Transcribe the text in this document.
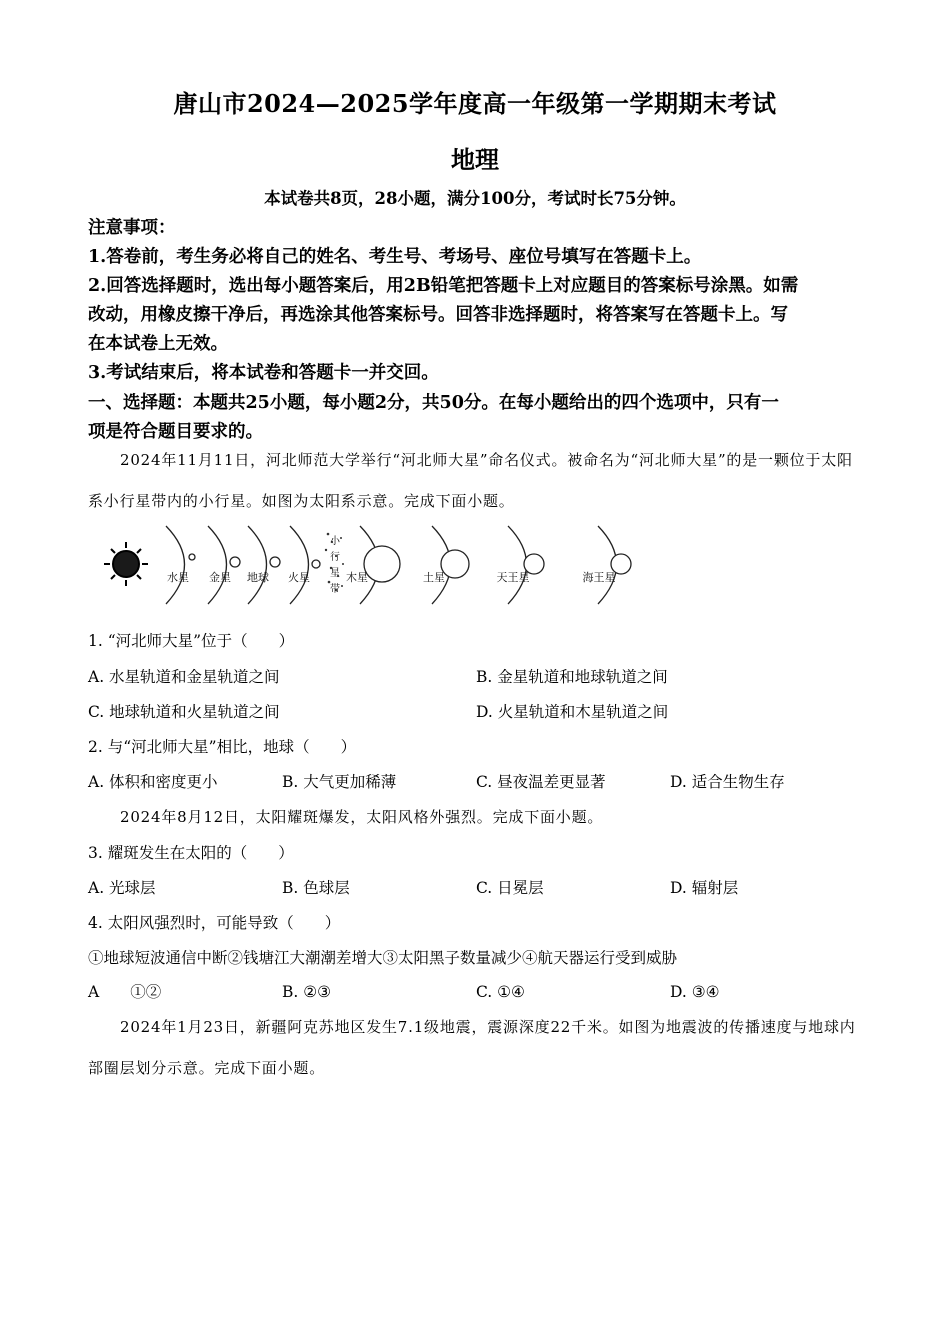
唐山市2024—2025学年度高一年级第一学期期末考试
地理
本试卷共8页，28小题，满分100分，考试时长75分钟。
注意事项：
1.答卷前，考生务必将自己的姓名、考生号、考场号、座位号填写在答题卡上。
2.回答选择题时，选出每小题答案后，用2B铅笔把答题卡上对应题目的答案标号涂黑。如需
改动，用橡皮擦干净后，再选涂其他答案标号。回答非选择题时，将答案写在答题卡上。写
在本试卷上无效。
3.考试结束后，将本试卷和答题卡一并交回。
一、选择题：本题共25小题，每小题2分，共50分。在每小题给出的四个选项中，只有一
项是符合题目要求的。
2024年11月11日，河北师范大学举行“河北师大星”命名仪式。被命名为“河北师大星”的是一颗位于太阳系小行星带内的小行星。如图为太阳系示意。完成下面小题。
小
行
星
带
水星 金星 地球 火星	木星	土星	天王星	海王星
1. “河北师大星”位于（　　）
A. 水星轨道和金星轨道之间	B. 金星轨道和地球轨道之间
C. 地球轨道和火星轨道之间	D. 火星轨道和木星轨道之间
2. 与“河北师大星”相比，地球（　　）
A. 体积和密度更小	B. 大气更加稀薄	C. 昼夜温差更显著	D. 适合生物生存
2024年8月12日，太阳耀斑爆发，太阳风格外强烈。完成下面小题。
3. 耀斑发生在太阳的（　　）
A. 光球层	B. 色球层	C. 日冕层	D. 辐射层
4. 太阳风强烈时，可能导致（　　）
①地球短波通信中断②钱塘江大潮潮差增大③太阳黑子数量减少④航天器运行受到威胁
A　　①②	B. ②③	C. ①④	D. ③④
2024年1月23日，新疆阿克苏地区发生7.1级地震，震源深度22千米。如图为地震波的传播速度与地球内部圈层划分示意。完成下面小题。
